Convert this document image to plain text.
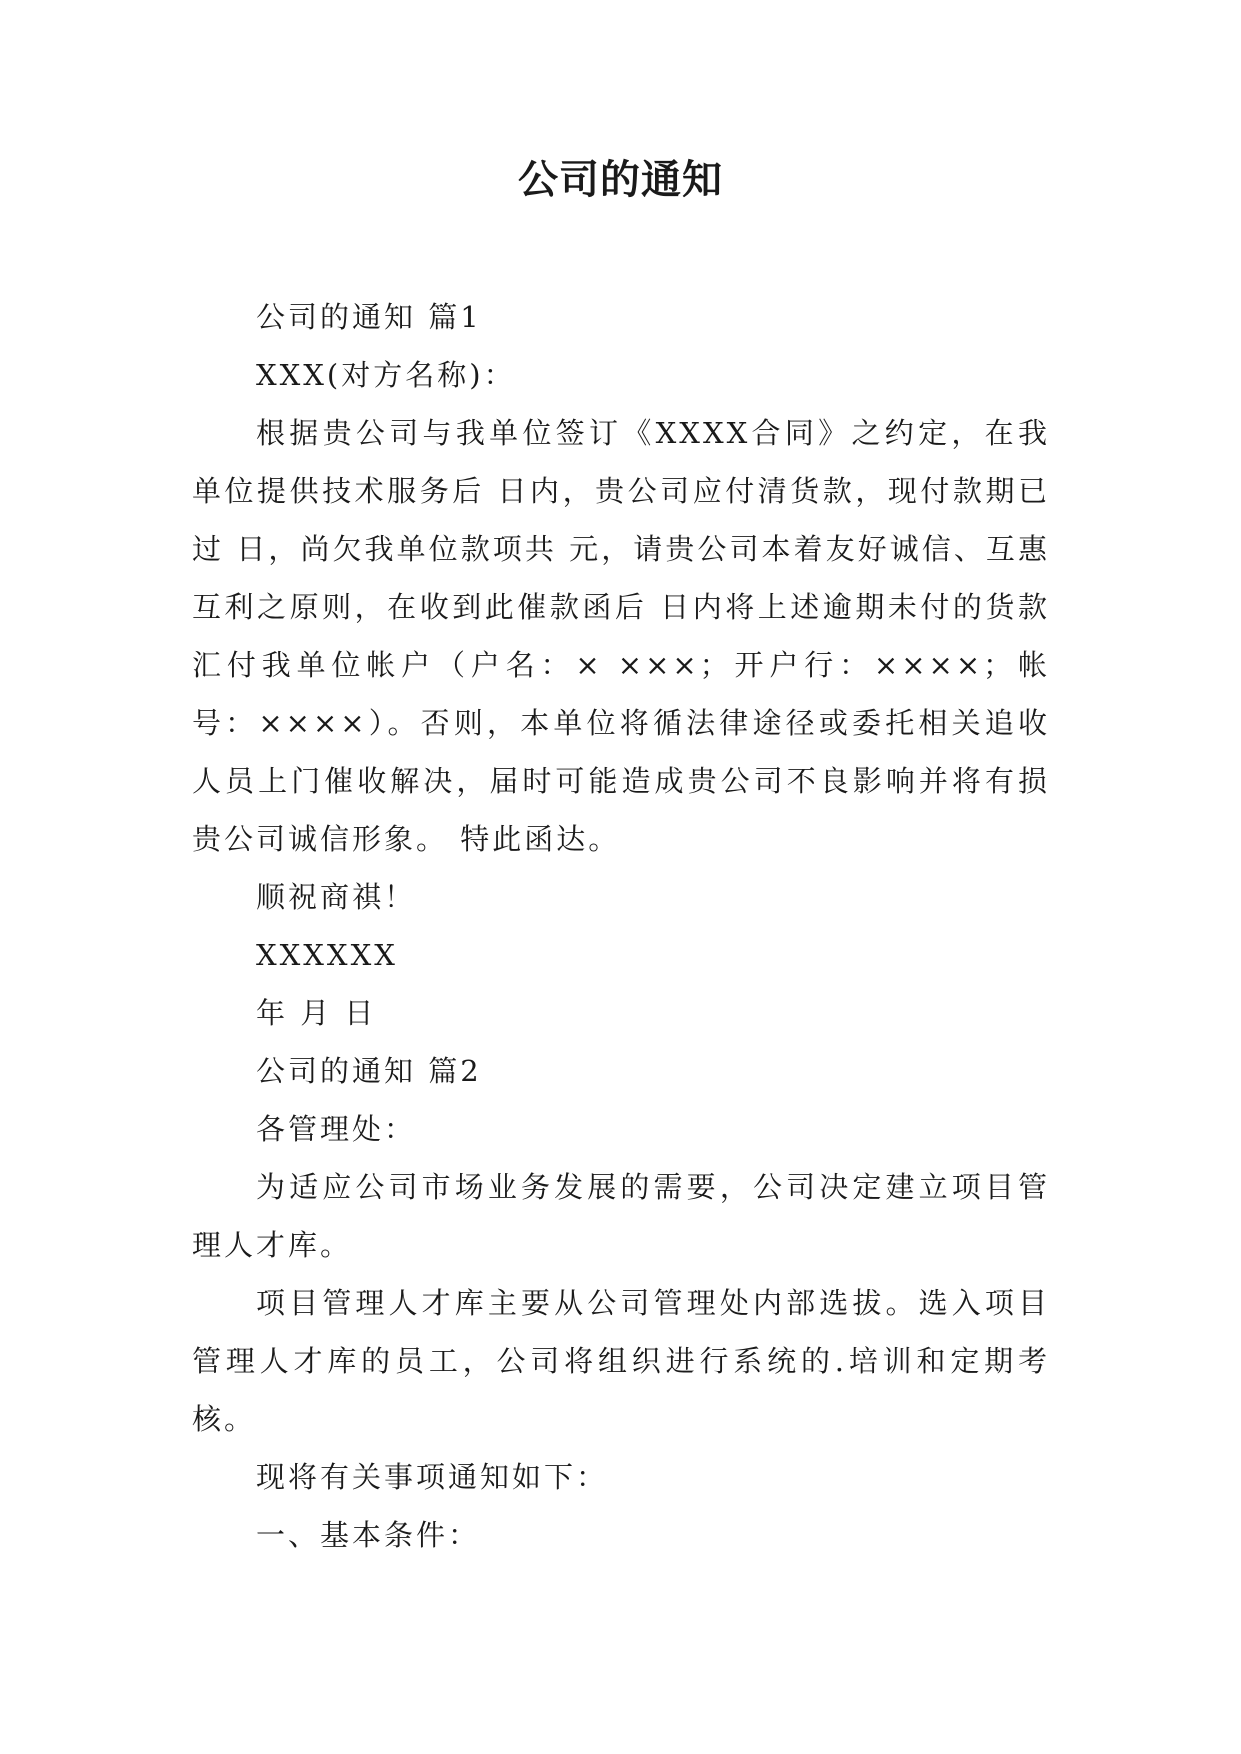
公司的通知

公司的通知 篇1

XXX(对方名称)：

根据贵公司与我单位签订《XXXX合同》之约定，在我单位提供技术服务后 日内，贵公司应付清货款，现付款期已过 日，尚欠我单位款项共 元，请贵公司本着友好诚信、互惠互利之原则，在收到此催款函后 日内将上述逾期未付的货款汇付我单位帐户（户名：× ×××；开户行：××××；帐号：××××）。否则，本单位将循法律途径或委托相关追收人员上门催收解决，届时可能造成贵公司不良影响并将有损贵公司诚信形象。 特此函达。

顺祝商祺！

XXXXXX

年 月 日

公司的通知 篇2

各管理处：

为适应公司市场业务发展的需要，公司决定建立项目管理人才库。

项目管理人才库主要从公司管理处内部选拔。选入项目管理人才库的员工，公司将组织进行系统的.培训和定期考核。

现将有关事项通知如下：

一、基本条件：
